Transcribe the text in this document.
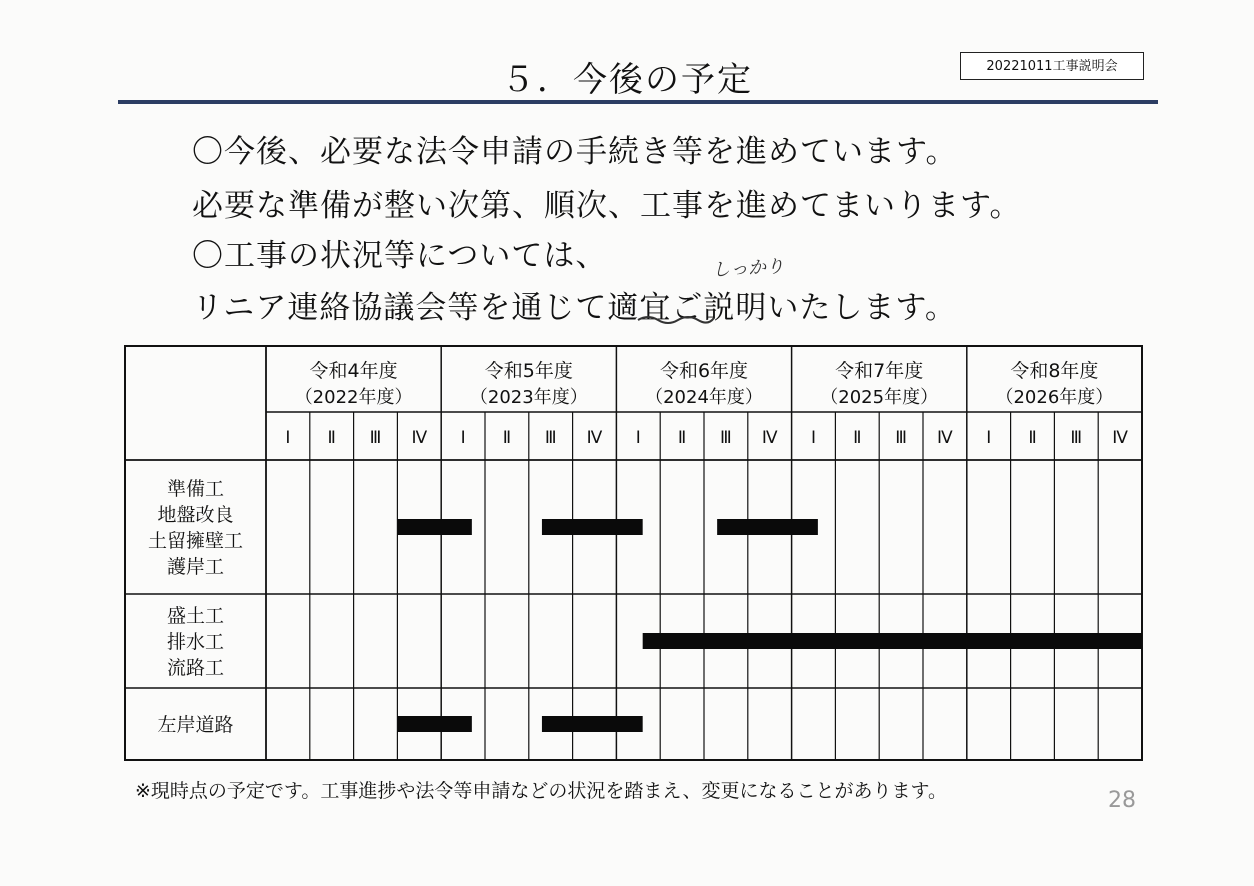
５．今後の予定	20221011工事説明会
〇今後、必要な法令申請の手続き等を進めています。
必要な準備が整い次第、順次、工事を進めてまいります。
〇工事の状況等については、
リニア連絡協議会等を通じて適宜ご説明いたします。
しっかり
令和4年度
（2022年度）
令和5年度
（2023年度）
令和6年度
（2024年度）
令和7年度
（2025年度）
令和8年度
（2026年度）
Ⅰ Ⅱ Ⅲ Ⅳ Ⅰ Ⅱ Ⅲ Ⅳ Ⅰ Ⅱ Ⅲ Ⅳ Ⅰ Ⅱ Ⅲ Ⅳ Ⅰ Ⅱ Ⅲ Ⅳ
準備工
地盤改良
土留擁壁工
護岸工
盛土工
排水工
流路工
左岸道路
※現時点の予定です。工事進捗や法令等申請などの状況を踏まえ、変更になることがあります。	28
